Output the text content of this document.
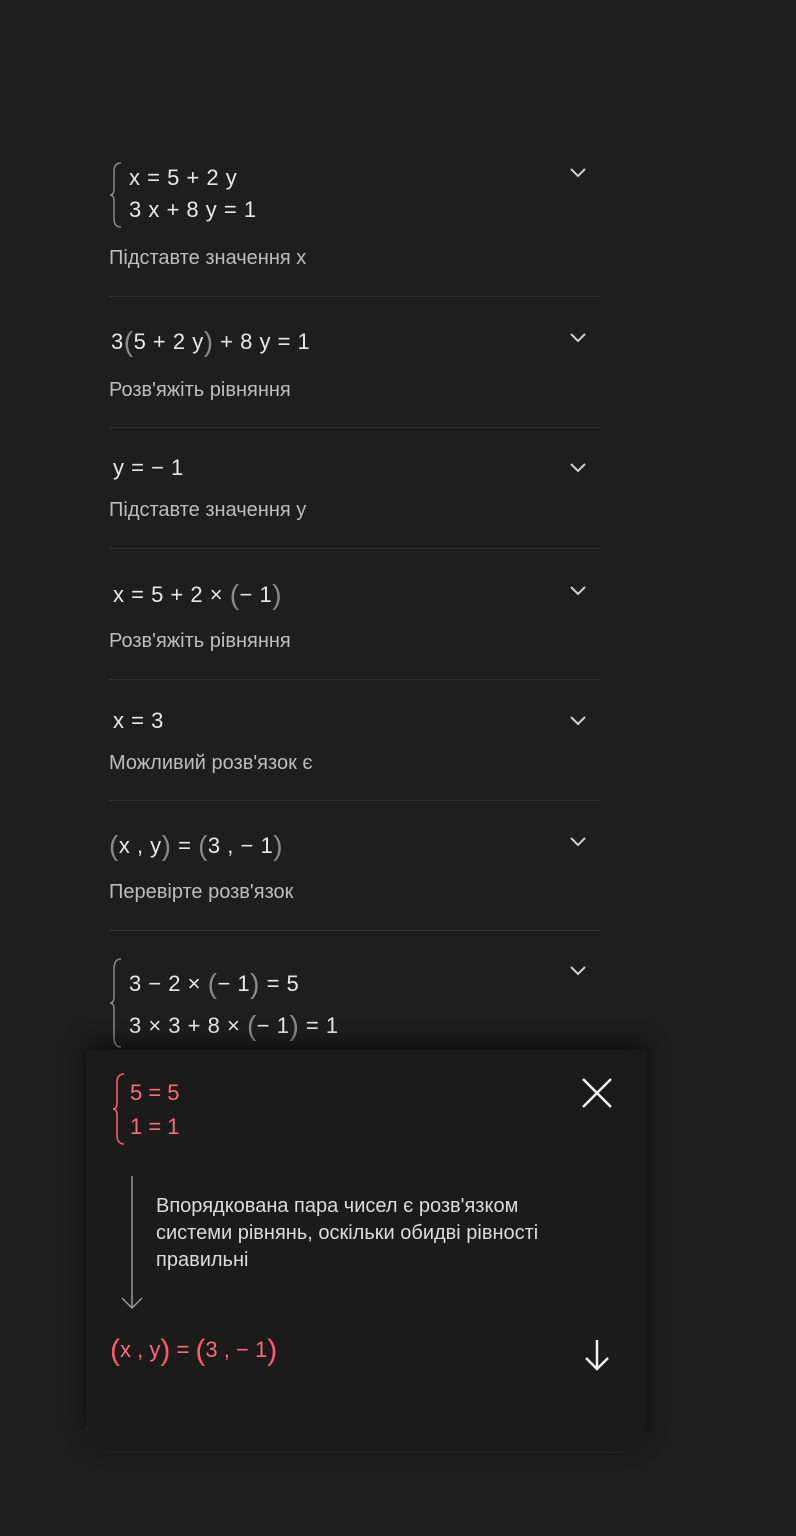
x = 5 + 2 y
3 x + 8 y = 1
Підставте значення x
3(5 + 2 y) + 8 y = 1
Розв'яжіть рівняння
y = − 1
Підставте значення y
x = 5 + 2 × (− 1)
Розв'яжіть рівняння
x = 3
Можливий розв'язок є
(x , y) = (3 , − 1)
Перевірте розв'язок
3 − 2 × (− 1) = 5
3 × 3 + 8 × (− 1) = 1
5 = 5
1 = 1
Впорядкована пара чисел є розв'язком системи рівнянь, оскільки обидві рівності правильні
(x , y) = (3 , − 1)
